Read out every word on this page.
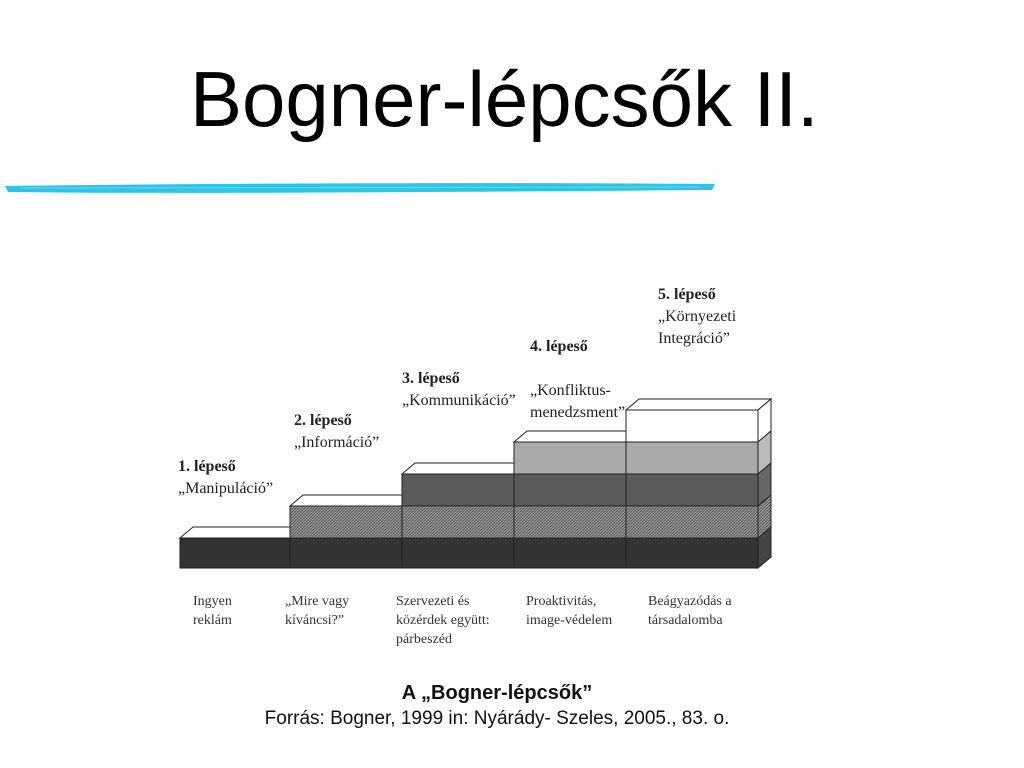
Bogner-lépcsők II.
1. lépeső
„Manipuláció”
2. lépeső
„Információ”
3. lépeső
„Kommunikáció”

4. lépeső

„Konfliktus-
menedzsment”

5. lépeső
„Környezeti
Integráció”
Ingyen
reklám
„Mire vagy
kíváncsi?”
Szervezeti és
közérdek együtt:
párbeszéd
Proaktivitás,
image-védelem
Beágyazódás a
társadalomba
A „Bogner-lépcsők”
Forrás: Bogner, 1999 in: Nyárády- Szeles, 2005., 83. o.
